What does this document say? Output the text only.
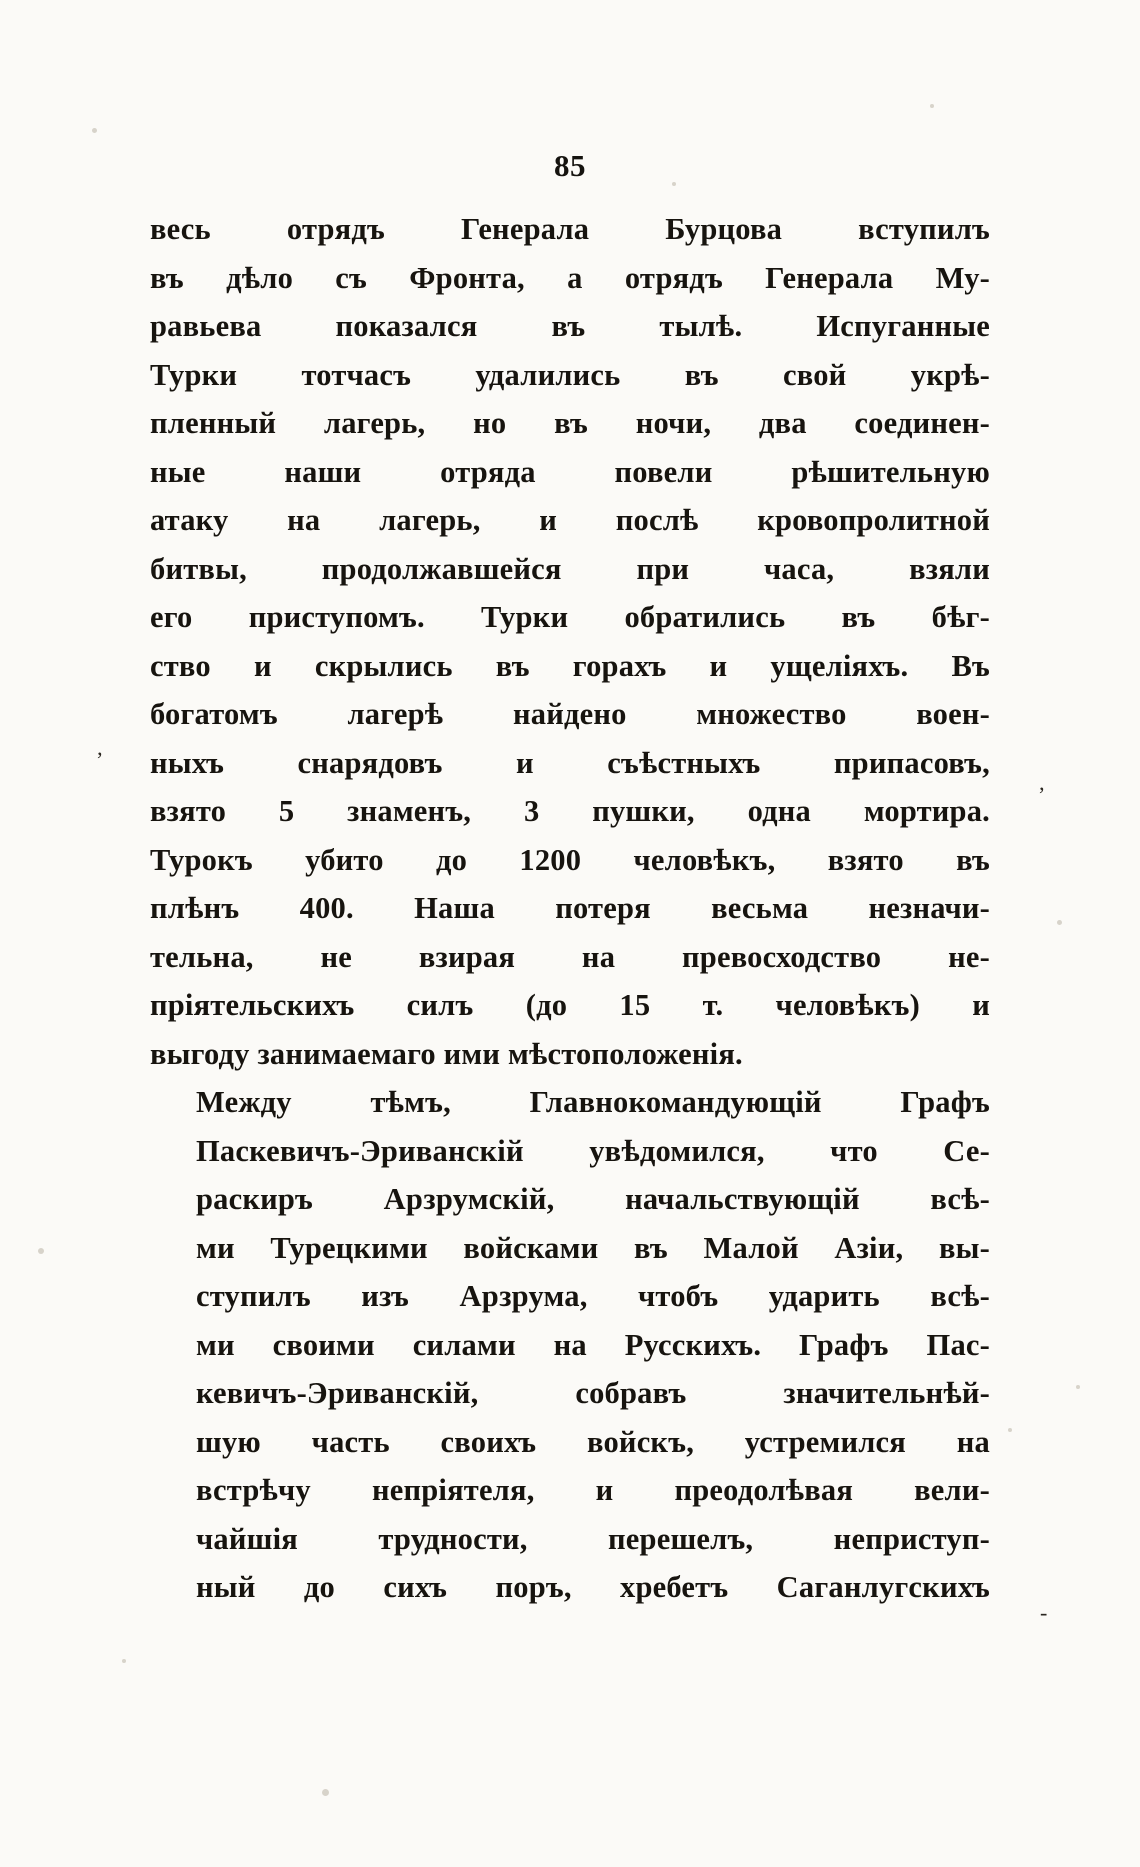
85

весь отрядъ Генерала Бурцова вступилъ
въ дѣло съ Фронта, а отрядъ Генерала Му-
равьева показался въ тылѣ. Испуганные
Турки тотчасъ удалились въ свой укрѣ-
пленный лагерь, но въ ночи, два соединен-
ные наши отряда повели рѣшительную
атаку на лагерь, и послѣ кровопролитной
битвы, продолжавшейся при часа, взяли
его приступомъ. Турки обратились въ бѣг-
ство и скрылись въ горахъ и ущеліяхъ. Въ
богатомъ лагерѣ найдено множество воен-
ныхъ снарядовъ и съѣстныхъ припасовъ,
взято 5 знаменъ, 3 пушки, одна мортира.
Турокъ убито до 1200 человѣкъ, взято въ
плѣнъ 400. Наша потеря весьма незначи-
тельна, не взирая на превосходство не-
пріятельскихъ силъ (до 15 т. человѣкъ) и
выгоду занимаемаго ими мѣстоположенія.

Между тѣмъ, Главнокомандующій Графъ
Паскевичъ-Эриванскій увѣдомился, что Се-
раскиръ Арзрумскій, начальствующій всѣ-
ми Турецкими войсками въ Малой Азіи, вы-
ступилъ изъ Арзрума, чтобъ ударить всѣ-
ми своими силами на Русскихъ. Графъ Пас-
кевичъ-Эриванскій, собравъ значительнѣй-
шую часть своихъ войскъ, устремился на
встрѣчу непріятеля, и преодолѣвая вели-
чайшія трудности, перешелъ, неприступ-
ный до сихъ поръ, хребетъ Саганлугскихъ

‚
‚
-
